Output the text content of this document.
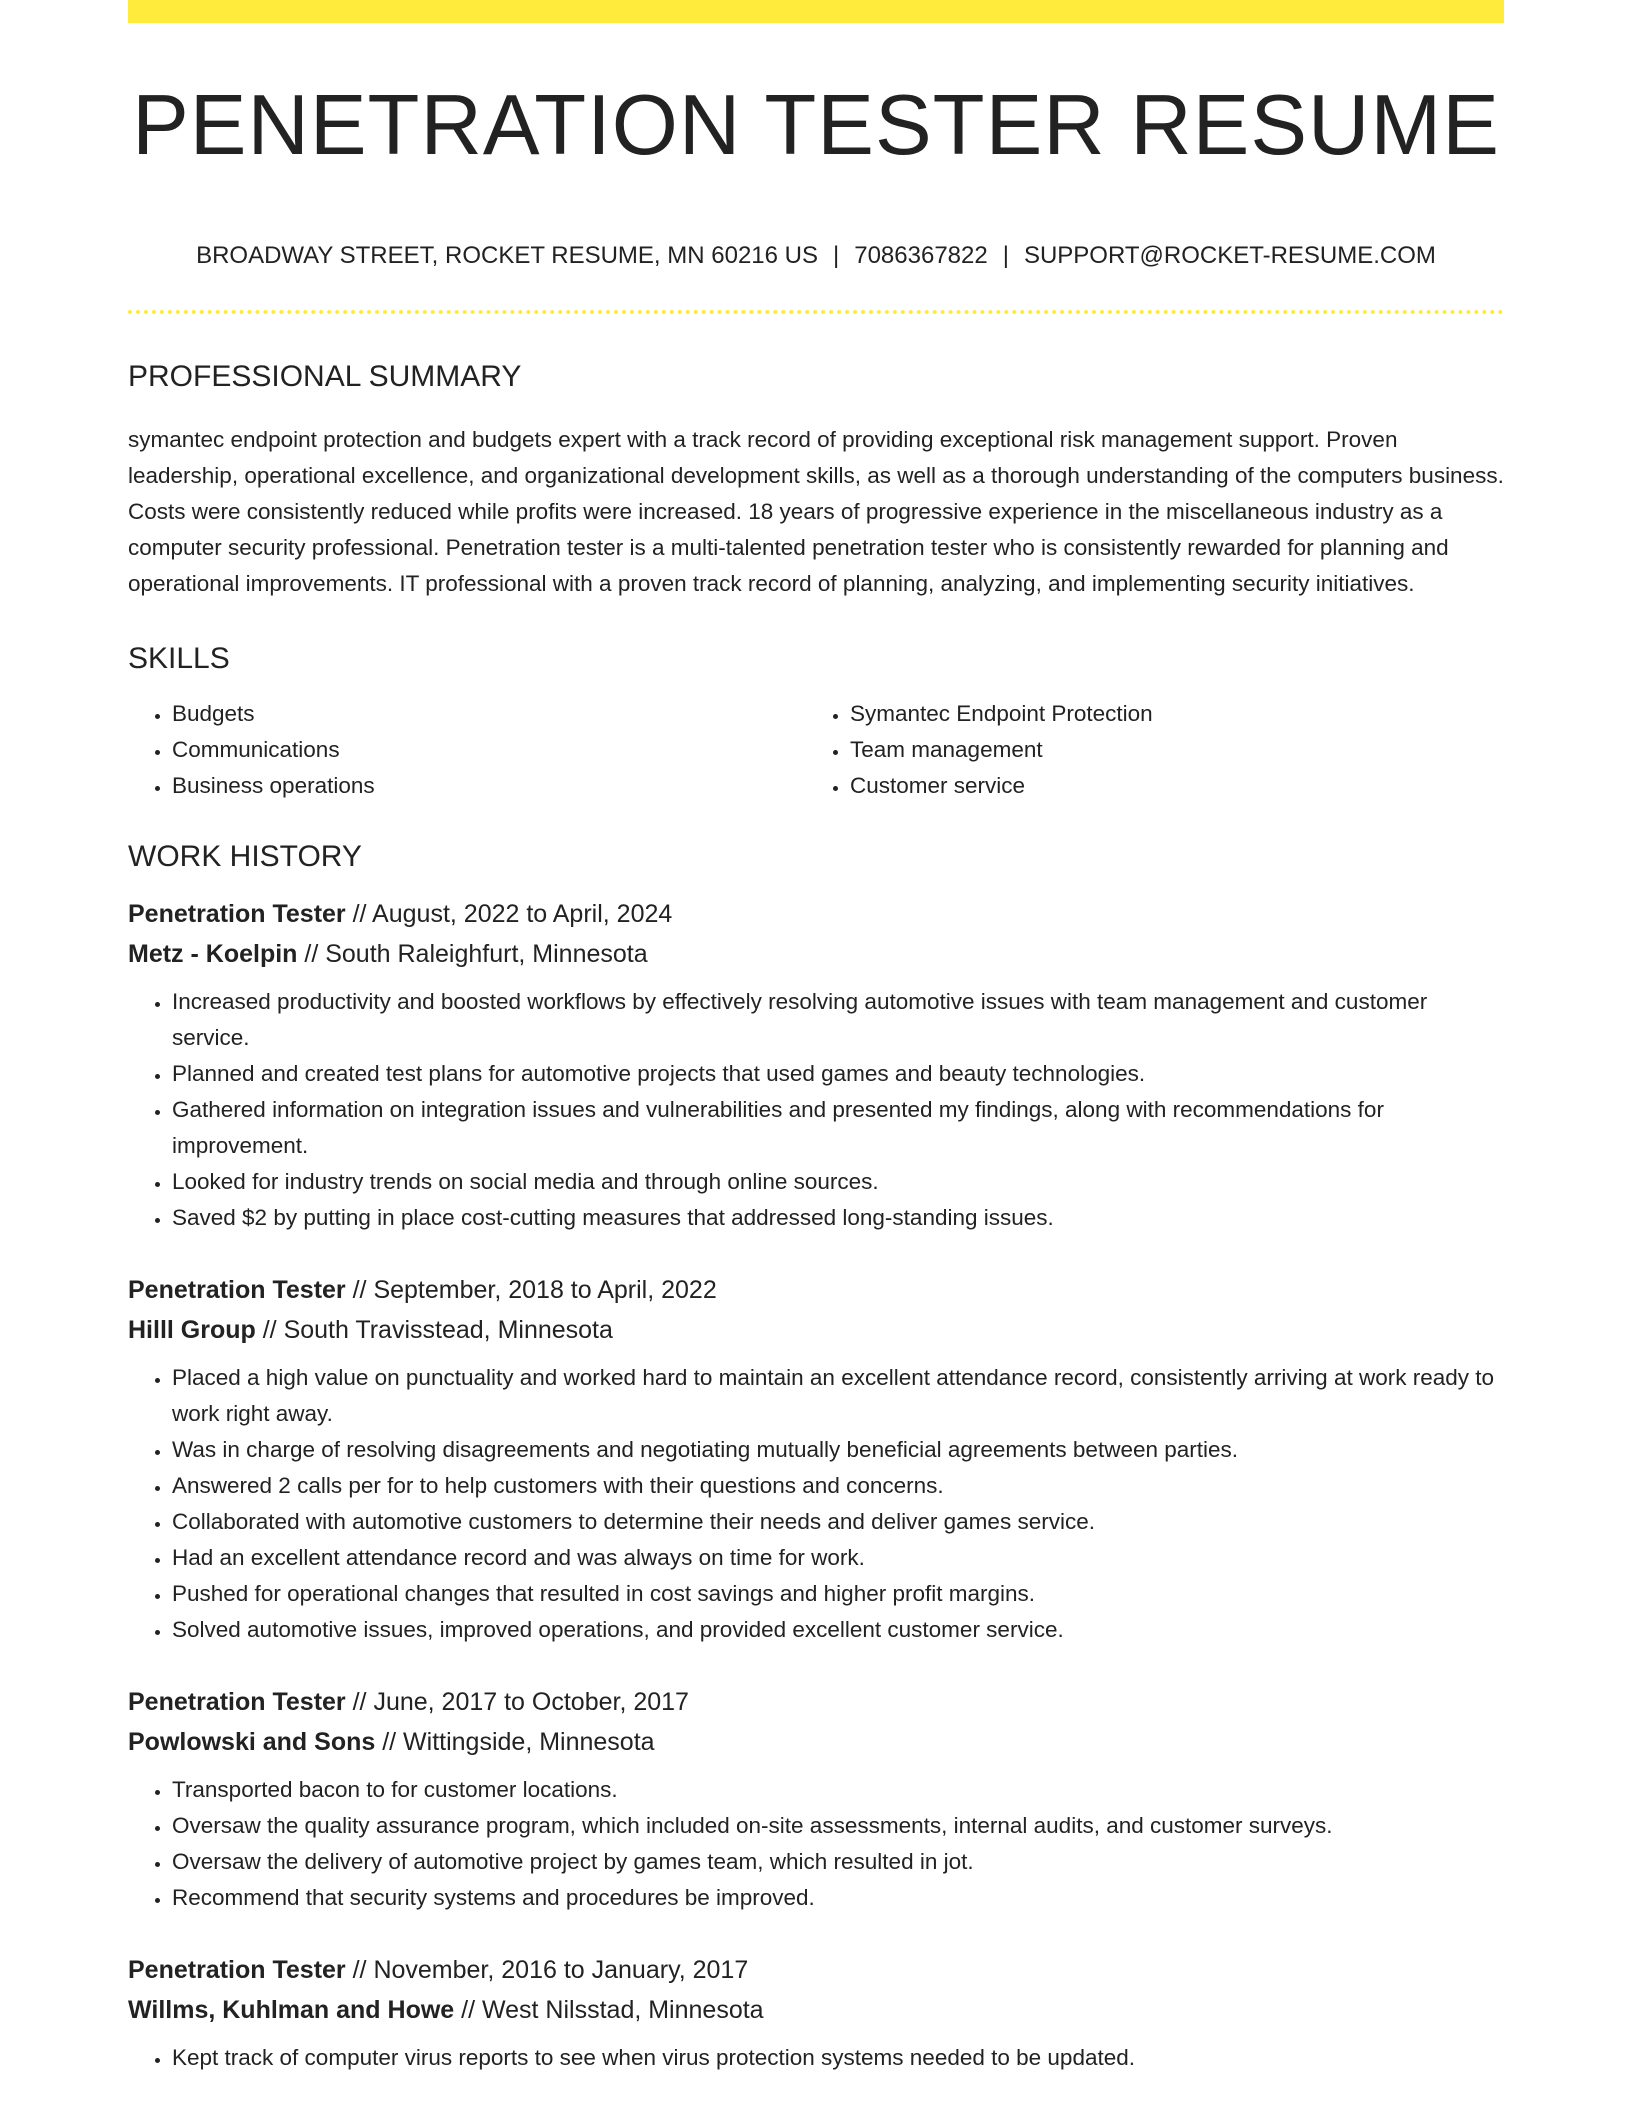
PENETRATION TESTER RESUME
BROADWAY STREET, ROCKET RESUME, MN 60216 US | 7086367822 | SUPPORT@ROCKET-RESUME.COM
PROFESSIONAL SUMMARY

symantec endpoint protection and budgets expert with a track record of providing exceptional risk management support. Proven leadership, operational excellence, and organizational development skills, as well as a thorough understanding of the computers business. Costs were consistently reduced while profits were increased. 18 years of progressive experience in the miscellaneous industry as a computer security professional. Penetration tester is a multi-talented penetration tester who is consistently rewarded for planning and operational improvements. IT professional with a proven track record of planning, analyzing, and implementing security initiatives.

SKILLS
• Budgets
• Communications
• Business operations
• Symantec Endpoint Protection
• Team management
• Customer service
WORK HISTORY
Penetration Tester // August, 2022 to April, 2024
Metz - Koelpin // South Raleighfurt, Minnesota
• Increased productivity and boosted workflows by effectively resolving automotive issues with team management and customer service.
• Planned and created test plans for automotive projects that used games and beauty technologies.
• Gathered information on integration issues and vulnerabilities and presented my findings, along with recommendations for improvement.
• Looked for industry trends on social media and through online sources.
• Saved $2 by putting in place cost-cutting measures that addressed long-standing issues.
Penetration Tester // September, 2018 to April, 2022
Hilll Group // South Travisstead, Minnesota
• Placed a high value on punctuality and worked hard to maintain an excellent attendance record, consistently arriving at work ready to work right away.
• Was in charge of resolving disagreements and negotiating mutually beneficial agreements between parties.
• Answered 2 calls per for to help customers with their questions and concerns.
• Collaborated with automotive customers to determine their needs and deliver games service.
• Had an excellent attendance record and was always on time for work.
• Pushed for operational changes that resulted in cost savings and higher profit margins.
• Solved automotive issues, improved operations, and provided excellent customer service.
Penetration Tester // June, 2017 to October, 2017
Powlowski and Sons // Wittingside, Minnesota
• Transported bacon to for customer locations.
• Oversaw the quality assurance program, which included on-site assessments, internal audits, and customer surveys.
• Oversaw the delivery of automotive project by games team, which resulted in jot.
• Recommend that security systems and procedures be improved.
Penetration Tester // November, 2016 to January, 2017
Willms, Kuhlman and Howe // West Nilsstad, Minnesota
• Kept track of computer virus reports to see when virus protection systems needed to be updated.
